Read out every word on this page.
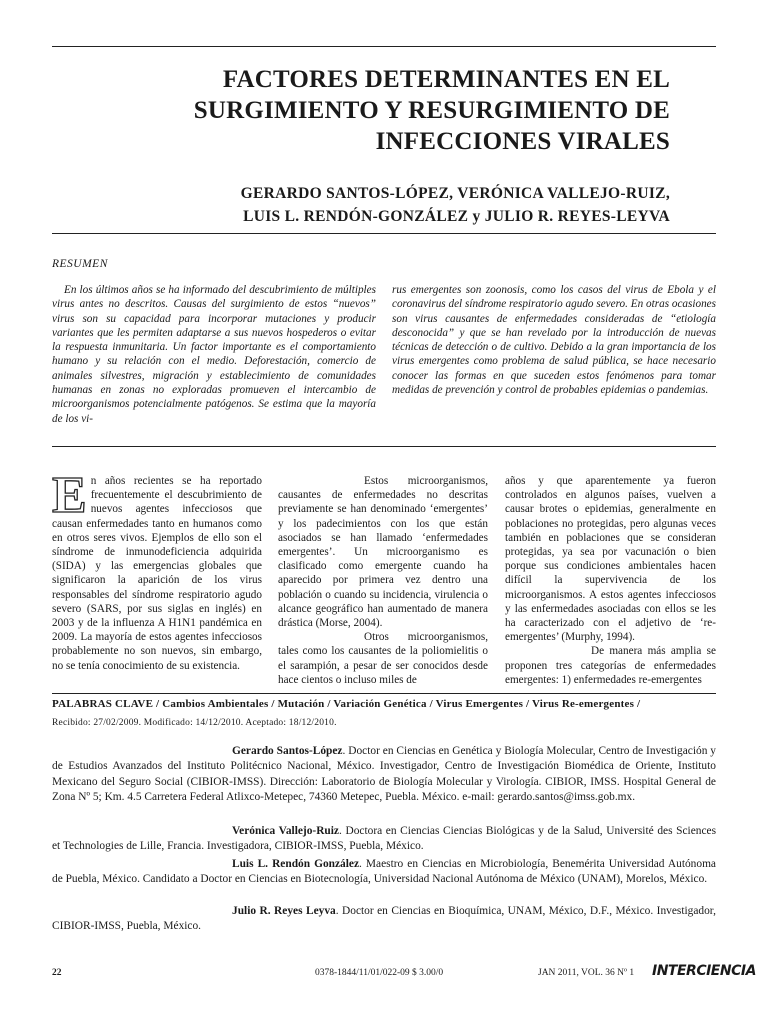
FACTORES DETERMINANTES EN EL
SURGIMIENTO Y RESURGIMIENTO DE
INFECCIONES VIRALES
GERARDO SANTOS-LÓPEZ, VERÓNICA VALLEJO-RUIZ,
LUIS L. RENDÓN-GONZÁLEZ y JULIO R. REYES-LEYVA
RESUMEN
En los últimos años se ha informado del descubrimiento de múltiples virus antes no descritos. Causas del surgimiento de estos “nuevos” virus son su capacidad para incorporar mutaciones y producir variantes que les permiten adaptarse a sus nuevos hospederos o evitar la respuesta inmunitaria. Un factor importante es el comportamiento humano y su relación con el medio. Deforestación, comercio de animales silvestres, migración y establecimiento de comunidades humanas en zonas no exploradas promueven el intercambio de microorganismos potencialmente patógenos. Se estima que la mayoría de los vi-
rus emergentes son zoonosis, como los casos del virus de Ebola y el coronavirus del síndrome respiratorio agudo severo. En otras ocasiones son virus causantes de enfermedades consideradas de “etiología desconocida” y que se han revelado por la introducción de nuevas técnicas de detección o de cultivo. Debido a la gran importancia de los virus emergentes como problema de salud pública, se hace necesario conocer las formas en que suceden estos fenómenos para tomar medidas de prevención y control de probables epidemias o pandemias.

En años recientes se ha reportado frecuentemente el descubrimiento de nuevos agentes infecciosos que causan enfermedades tanto en humanos como en otros seres vivos. Ejemplos de ello son el síndrome de inmunodeficiencia adquirida (SIDA) y las emergencias globales que significaron la aparición de los virus responsables del síndrome respiratorio agudo severo (SARS, por sus siglas en inglés) en 2003 y de la influenza A H1N1 pandémica en 2009. La mayoría de estos agentes infecciosos probablemente no son nuevos, sin embargo, no se tenía conocimiento de su existencia.

Estos microorganismos, causantes de enfermedades no descritas previamente se han denominado ‘emergentes’ y los padecimientos con los que están asociados se han llamado ‘enfermedades emergentes’. Un microorganismo es clasificado como emergente cuando ha aparecido por primera vez dentro una población o cuando su incidencia, virulencia o alcance geográfico han aumentado de manera drástica (Morse, 2004).

Otros microorganismos, tales como los causantes de la poliomielitis o el sarampión, a pesar de ser conocidos desde hace cientos o incluso miles de

años y que aparentemente ya fueron controlados en algunos países, vuelven a causar brotes o epidemias, generalmente en poblaciones no protegidas, pero algunas veces también en poblaciones que se consideran protegidas, ya sea por vacunación o bien porque sus condiciones ambientales hacen difícil la supervivencia de los microorganismos. A estos agentes infecciosos y las enfermedades asociadas con ellos se les ha caracterizado con el adjetivo de ‘re-emergentes’ (Murphy, 1994).

De manera más amplia se proponen tres categorías de enfermedades emergentes: 1) enfermedades re-emergentes

PALABRAS CLAVE / Cambios Ambientales / Mutación / Variación Genética / Virus Emergentes / Virus Re-emergentes /
Recibido: 27/02/2009. Modificado: 14/12/2010. Aceptado: 18/12/2010.
Gerardo Santos-López. Doctor en Ciencias en Genética y Biología Molecular, Centro de Investigación y de Estudios Avanzados del Instituto Politécnico Nacional, México. Investigador, Centro de Investigación Biomédica de Oriente, Instituto Mexicano del Seguro Social (CIBIOR-IMSS). Dirección: Laboratorio de Biología Molecular y Virología. CIBIOR, IMSS. Hospital General de Zona Nº 5; Km. 4.5 Carretera Federal Atlixco-Metepec, 74360 Metepec, Puebla. México. e-mail: gerardo.santos@imss.gob.mx.
Verónica Vallejo-Ruiz. Doctora en Ciencias Ciencias Biológicas y de la Salud, Université des Sciences et Technologies de Lille, Francia. Investigadora, CIBIOR-IMSS, Puebla, México.
Luis L. Rendón González. Maestro en Ciencias en Microbiología, Benemérita Universidad Autónoma de Puebla, México. Candidato a Doctor en Ciencias en Biotecnología, Universidad Nacional Autónoma de México (UNAM), Morelos, México.
Julio R. Reyes Leyva. Doctor en Ciencias en Bioquímica, UNAM, México, D.F., México. Investigador, CIBIOR-IMSS, Puebla, México.
22	0378-1844/11/01/022-09 $ 3.00/0	JAN 2011, VOL. 36 Nº 1 INTERCIENCIA
